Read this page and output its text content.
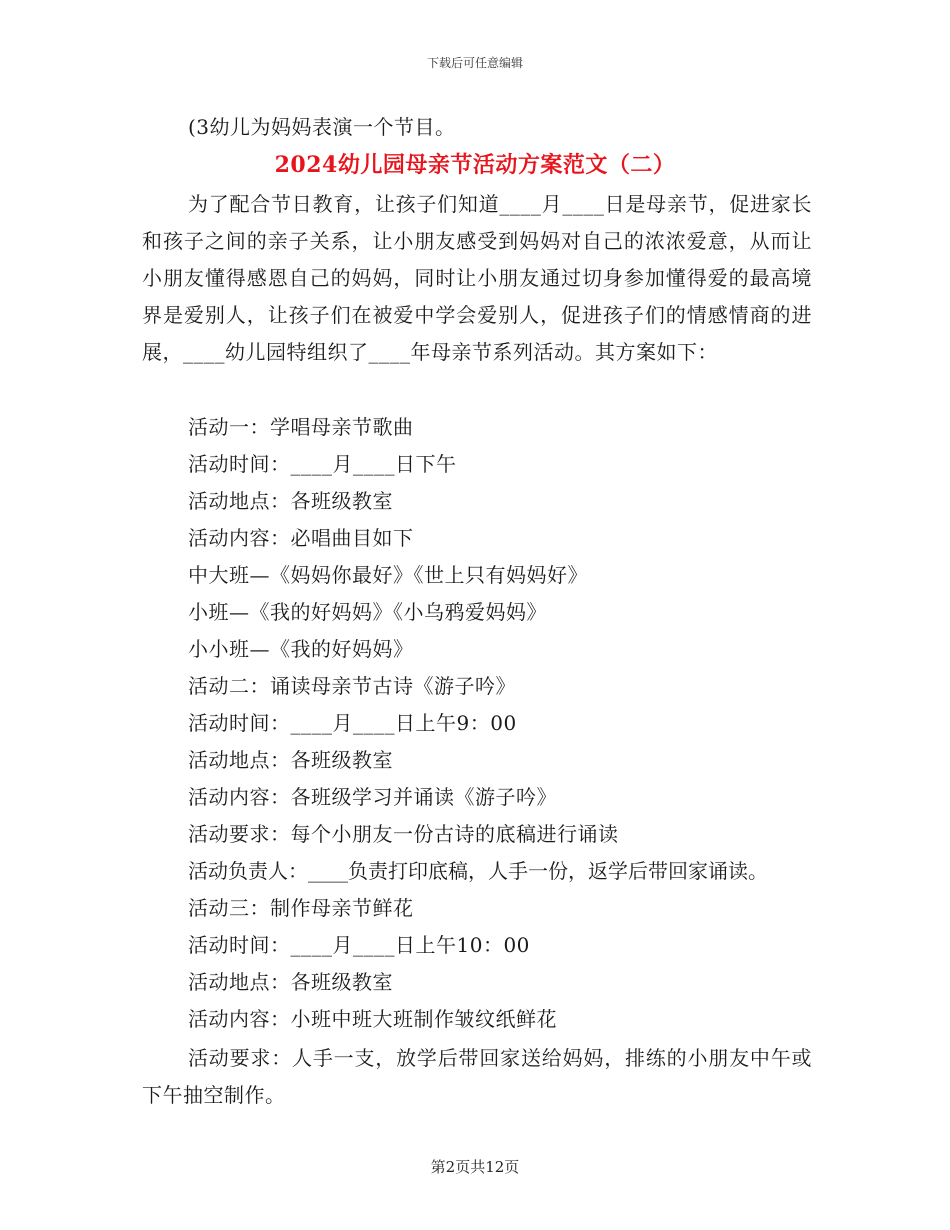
下载后可任意编辑
(3幼儿为妈妈表演一个节目。
2024幼儿园母亲节活动方案范文（二）
为了配合节日教育，让孩子们知道____月____日是母亲节，促进家长和孩子之间的亲子关系，让小朋友感受到妈妈对自己的浓浓爱意，从而让小朋友懂得感恩自己的妈妈，同时让小朋友通过切身参加懂得爱的最高境界是爱别人，让孩子们在被爱中学会爱别人，促进孩子们的情感情商的进展，____幼儿园特组织了____年母亲节系列活动。其方案如下：
活动一：学唱母亲节歌曲
活动时间：____月____日下午
活动地点：各班级教室
活动内容：必唱曲目如下
中大班—《妈妈你最好》《世上只有妈妈好》
小班—《我的好妈妈》《小乌鸦爱妈妈》
小小班—《我的好妈妈》
活动二：诵读母亲节古诗《游子吟》
活动时间：____月____日上午9：00
活动地点：各班级教室
活动内容：各班级学习并诵读《游子吟》
活动要求：每个小朋友一份古诗的底稿进行诵读
活动负责人：____负责打印底稿，人手一份，返学后带回家诵读。
活动三：制作母亲节鲜花
活动时间：____月____日上午10：00
活动地点：各班级教室
活动内容：小班中班大班制作皱纹纸鲜花
活动要求：人手一支，放学后带回家送给妈妈，排练的小朋友中午或下午抽空制作。
第2页共12页
